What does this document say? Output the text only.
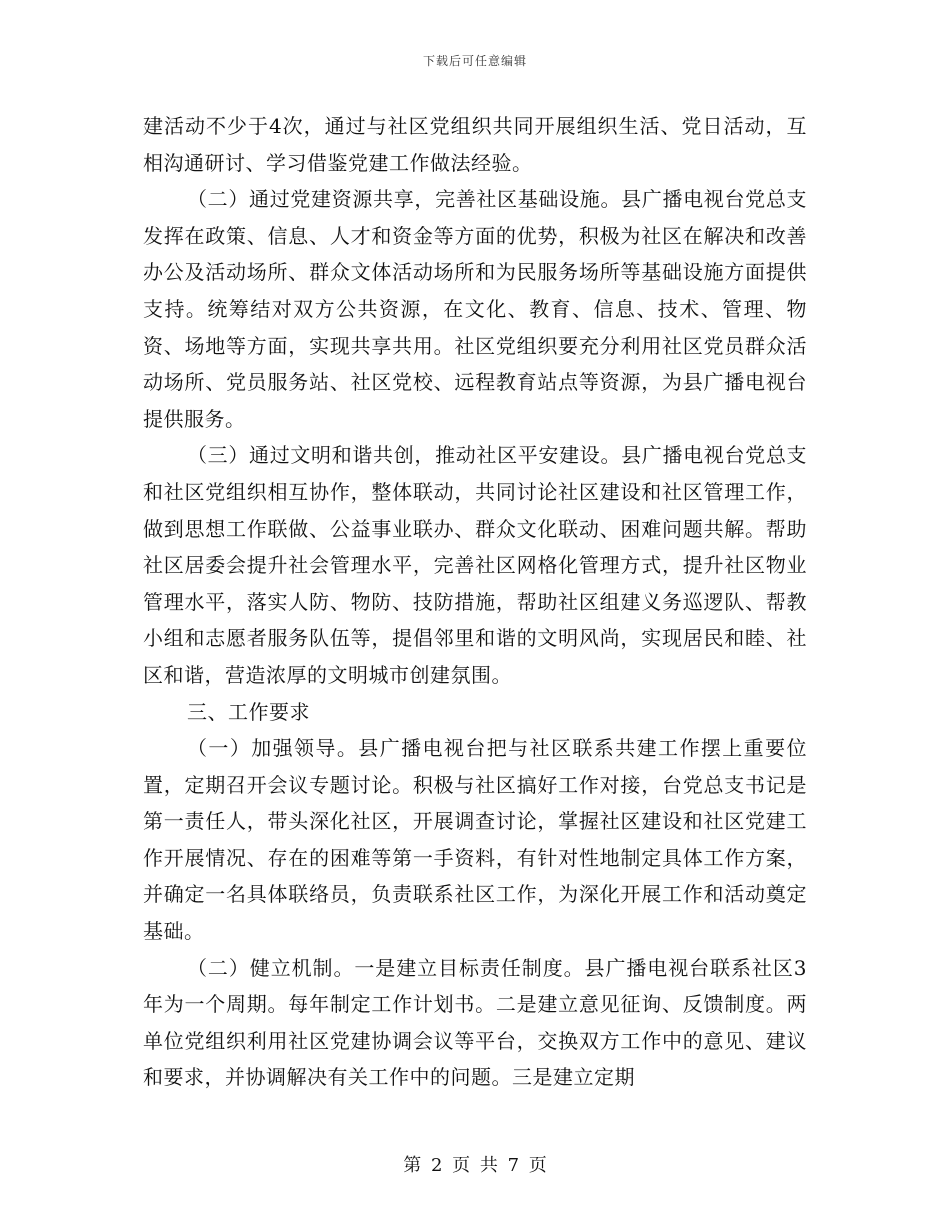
下载后可任意编辑

建活动不少于4次，通过与社区党组织共同开展组织生活、党日活动，互相沟通研讨、学习借鉴党建工作做法经验。

（二）通过党建资源共享，完善社区基础设施。县广播电视台党总支发挥在政策、信息、人才和资金等方面的优势，积极为社区在解决和改善办公及活动场所、群众文体活动场所和为民服务场所等基础设施方面提供支持。统筹结对双方公共资源，在文化、教育、信息、技术、管理、物资、场地等方面，实现共享共用。社区党组织要充分利用社区党员群众活动场所、党员服务站、社区党校、远程教育站点等资源，为县广播电视台提供服务。

（三）通过文明和谐共创，推动社区平安建设。县广播电视台党总支和社区党组织相互协作，整体联动，共同讨论社区建设和社区管理工作，做到思想工作联做、公益事业联办、群众文化联动、困难问题共解。帮助社区居委会提升社会管理水平，完善社区网格化管理方式，提升社区物业管理水平，落实人防、物防、技防措施，帮助社区组建义务巡逻队、帮教小组和志愿者服务队伍等，提倡邻里和谐的文明风尚，实现居民和睦、社区和谐，营造浓厚的文明城市创建氛围。

三、工作要求

（一）加强领导。县广播电视台把与社区联系共建工作摆上重要位置，定期召开会议专题讨论。积极与社区搞好工作对接，台党总支书记是第一责任人，带头深化社区，开展调查讨论，掌握社区建设和社区党建工作开展情况、存在的困难等第一手资料，有针对性地制定具体工作方案，并确定一名具体联络员，负责联系社区工作，为深化开展工作和活动奠定基础。

（二）健立机制。一是建立目标责任制度。县广播电视台联系社区3年为一个周期。每年制定工作计划书。二是建立意见征询、反馈制度。两单位党组织利用社区党建协调会议等平台，交换双方工作中的意见、建议和要求，并协调解决有关工作中的问题。三是建立定期

第 2 页 共 7 页
